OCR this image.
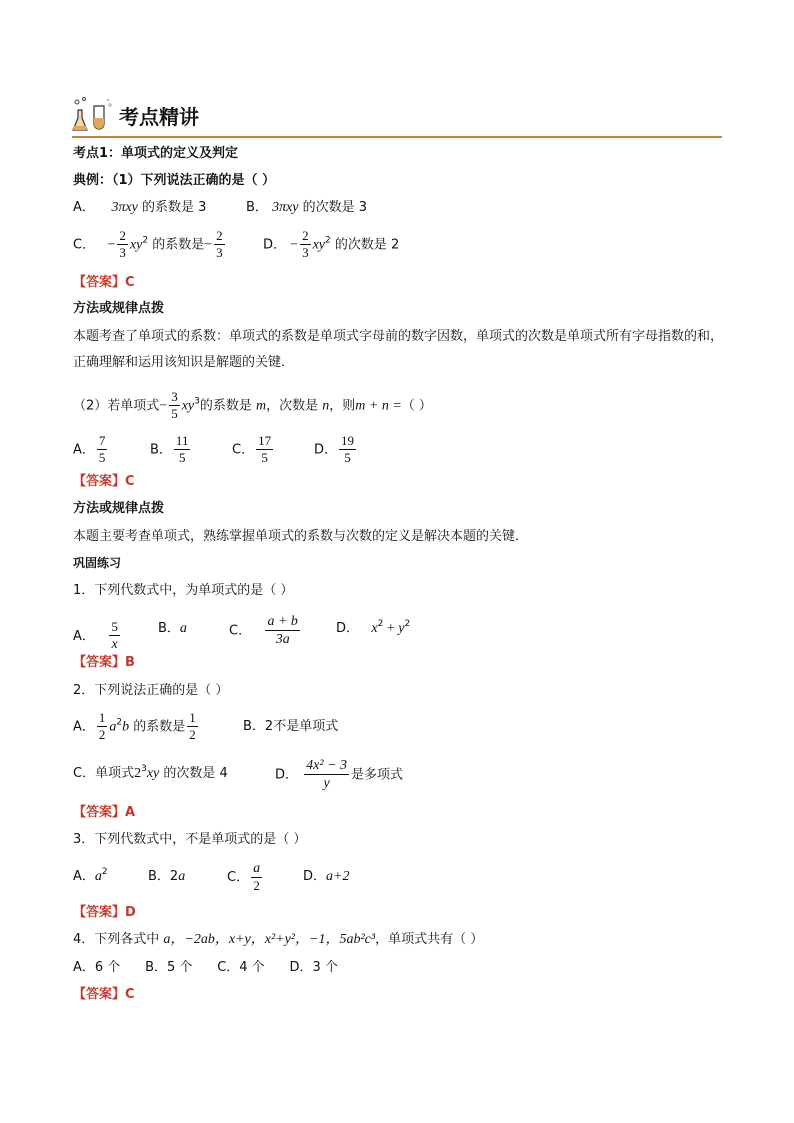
考点精讲
考点1：单项式的定义及判定
典例：（1）下列说法正确的是（ ）
A． 3πxy 的系数是 3	B． 3πxy 的次数是 3
C． − $\frac{2}{3} xy^2$ 的系数是− $\frac{2}{3}$	D． − $\frac{2}{3} xy^2$ 的次数是 2
【答案】C
方法或规律点拨
本题考查了单项式的系数：单项式的系数是单项式字母前的数字因数，单项式的次数是单项式所有字母指数的和，正确理解和运用该知识是解题的关键．
（2）若单项式− $\frac{3}{5} xy^3$的系数是 m，次数是 n，则m + n =（ ）
A． $\frac{7}{5}$	B． $\frac{11}{5}$	C． $\frac{17}{5}$	D． $\frac{19}{5}$
【答案】C
方法或规律点拨
本题主要考查单项式，熟练掌握单项式的系数与次数的定义是解决本题的关键．
巩固练习
1．下列代数式中，为单项式的是（ ）
A． $\frac{5}{x}$	B．a	C． $\frac{a + b}{3a}$	D． $x^2 + y^2$
【答案】B
2．下列说法正确的是（ ）
A． $\frac{1}{2} a^2b$ 的系数是 $\frac{1}{2}$	B．2不是单项式
C．单项式$2^3xy$ 的次数是 4	D． $\frac{\text{4x² − 3}}{y}$ 是多项式
【答案】A
3．下列代数式中，不是单项式的是（ ）
A．$a^2$	B．2a	C． $\frac{a}{2}$	D．a+2
【答案】D
4．下列各式中 a，−2ab，x+y，x²+y²，−1，5ab²c³，单项式共有（ ）
A．6 个      B．5 个      C．4 个      D．3 个
【答案】C
